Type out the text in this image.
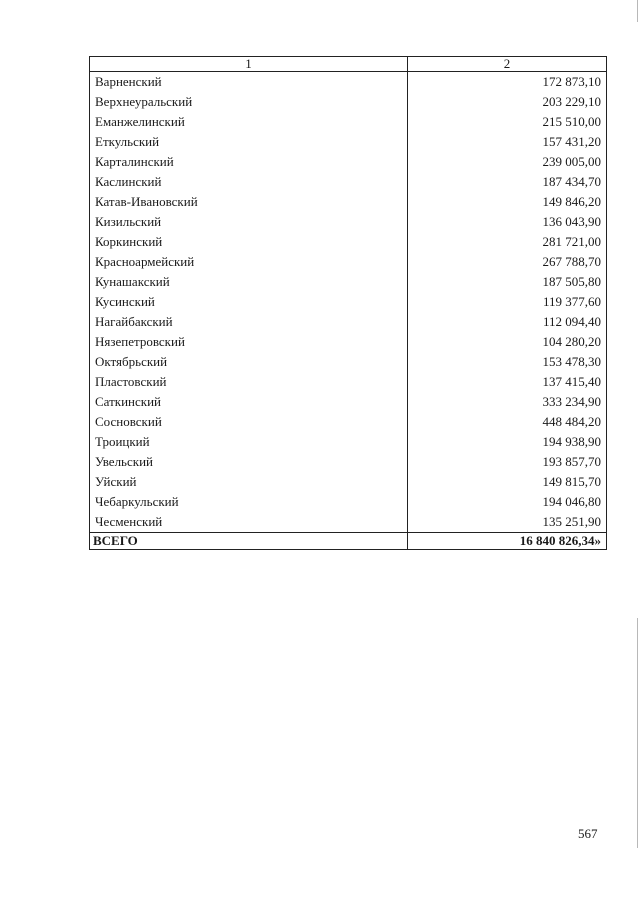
1	2
Варненский	172 873,10
Верхнеуральский	203 229,10
Еманжелинский	215 510,00
Еткульский	157 431,20
Карталинский	239 005,00
Каслинский	187 434,70
Катав-Ивановский	149 846,20
Кизильский	136 043,90
Коркинский	281 721,00
Красноармейский	267 788,70
Кунашакский	187 505,80
Кусинский	119 377,60
Нагайбакский	112 094,40
Нязепетровский	104 280,20
Октябрьский	153 478,30
Пластовский	137 415,40
Саткинский	333 234,90
Сосновский	448 484,20
Троицкий	194 938,90
Увельский	193 857,70
Уйский	149 815,70
Чебаркульский	194 046,80
Чесменский	135 251,90
ВСЕГО	16 840 826,34»
567
